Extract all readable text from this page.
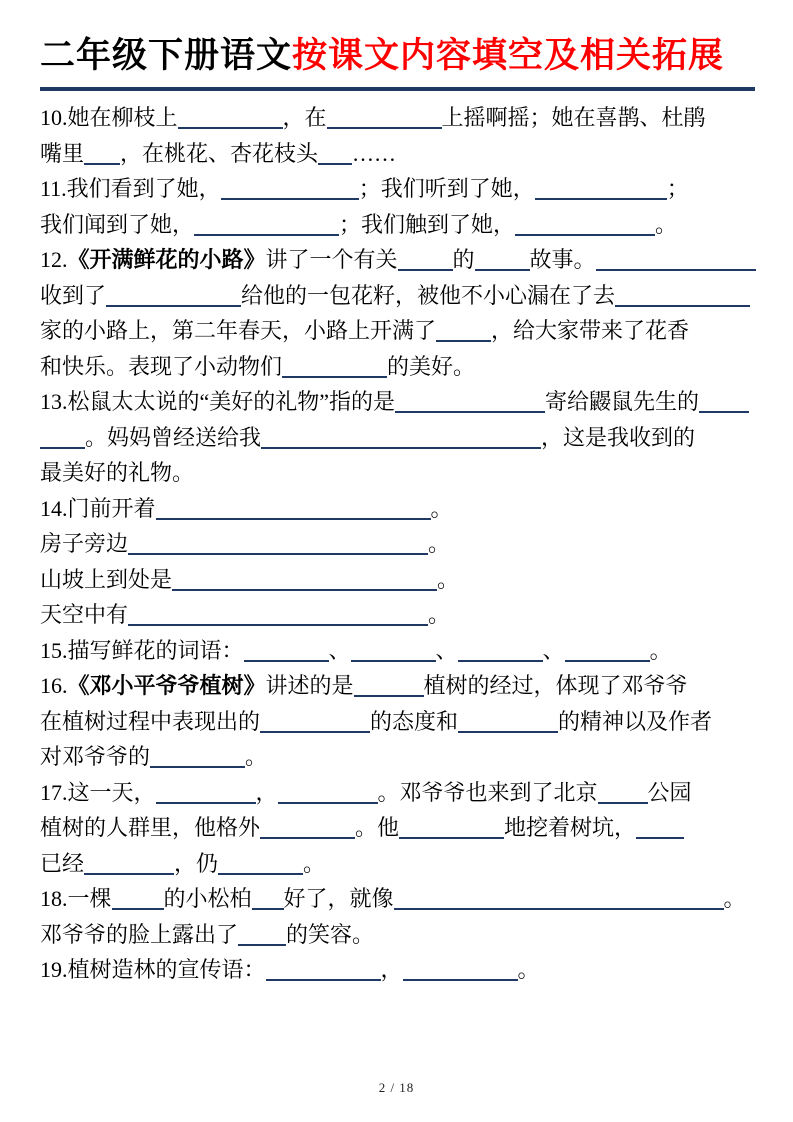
二年级下册语文按课文内容填空及相关拓展
10.她在柳枝上	，在	上摇啊摇；她在喜鹊、杜鹃
嘴里 ，在桃花、杏花枝头 ……
11.我们看到了她，	；我们听到了她，	；
我们闻到了她，	；我们触到了她，	。
12.《开满鲜花的小路》讲了一个有关	的	故事。
收到了	给他的一包花籽，被他不小心漏在了去
家的小路上，第二年春天，小路上开满了	，给大家带来了花香
和快乐。表现了小动物们	的美好。
13.松鼠太太说的“美好的礼物”指的是	寄给鼹鼠先生的
。妈妈曾经送给我	，这是我收到的
最美好的礼物。
14.门前开着	。
房子旁边	。
山坡上到处是	。
天空中有	。
15.描写鲜花的词语：	、	、	、	。
16.《邓小平爷爷植树》讲述的是	植树的经过，体现了邓爷爷
在植树过程中表现出的	的态度和	的精神以及作者
对邓爷爷的	。
17.这一天，	，	。邓爷爷也来到了北京 公园
植树的人群里，他格外	。他	地挖着树坑，
已经	，仍	。
18.一棵 的小松柏 好了，就像	。
邓爷爷的脸上露出了 的笑容。
19.植树造林的宣传语：	，	。
2 / 18
